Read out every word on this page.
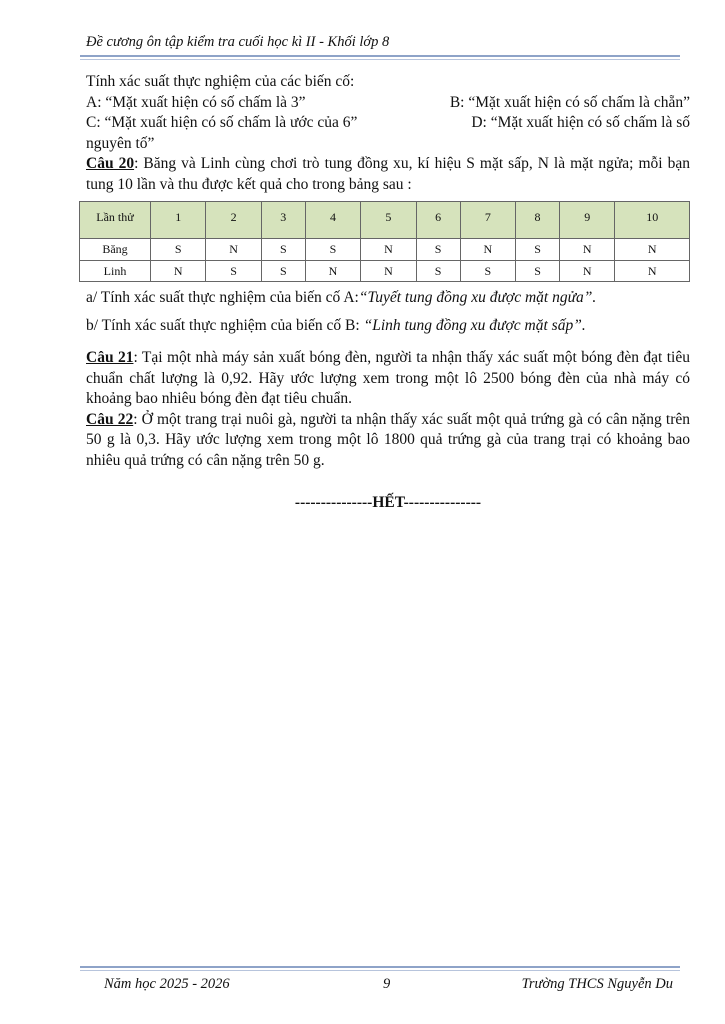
Đề cương ôn tập kiểm tra cuối học kì II - Khối lớp 8

Tính xác suất thực nghiệm của các biến cố:

A: “Mặt xuất hiện có số chấm là 3”	B: “Mặt xuất hiện có số chấm là chẵn”
C: “Mặt xuất hiện có số chấm là ước của 6”	D: “Mặt xuất hiện có số chấm là số

nguyên tố”

Câu 20: Băng và Linh cùng chơi trò tung đồng xu, kí hiệu S mặt sấp, N là mặt ngửa; mỗi bạn tung 10 lần và thu được kết quả cho trong bảng sau :

Lần thử	1	2	3	4	5	6	7	8	9	10
Băng	S	N	S	S	N	S	N	S	N	N
Linh	N	S	S	N	N	S	S	S	N	N

a/ Tính xác suất thực nghiệm của biến cố A:“Tuyết tung đồng xu được mặt ngửa”.

b/ Tính xác suất thực nghiệm của biến cố B: “Linh tung đồng xu được mặt sấp”.

Câu 21: Tại một nhà máy sản xuất bóng đèn, người ta nhận thấy xác suất một bóng đèn đạt tiêu chuẩn chất lượng là 0,92. Hãy ước lượng xem trong một lô 2500 bóng đèn của nhà máy có khoảng bao nhiêu bóng đèn đạt tiêu chuẩn.

Câu 22: Ở một trang trại nuôi gà, người ta nhận thấy xác suất một quả trứng gà có cân nặng trên 50 g là 0,3. Hãy ước lượng xem trong một lô 1800 quả trứng gà của trang trại có khoảng bao nhiêu quả trứng có cân nặng trên 50 g.

---------------HẾT---------------

Năm học 2025 - 2026	9	Trường THCS Nguyễn Du
